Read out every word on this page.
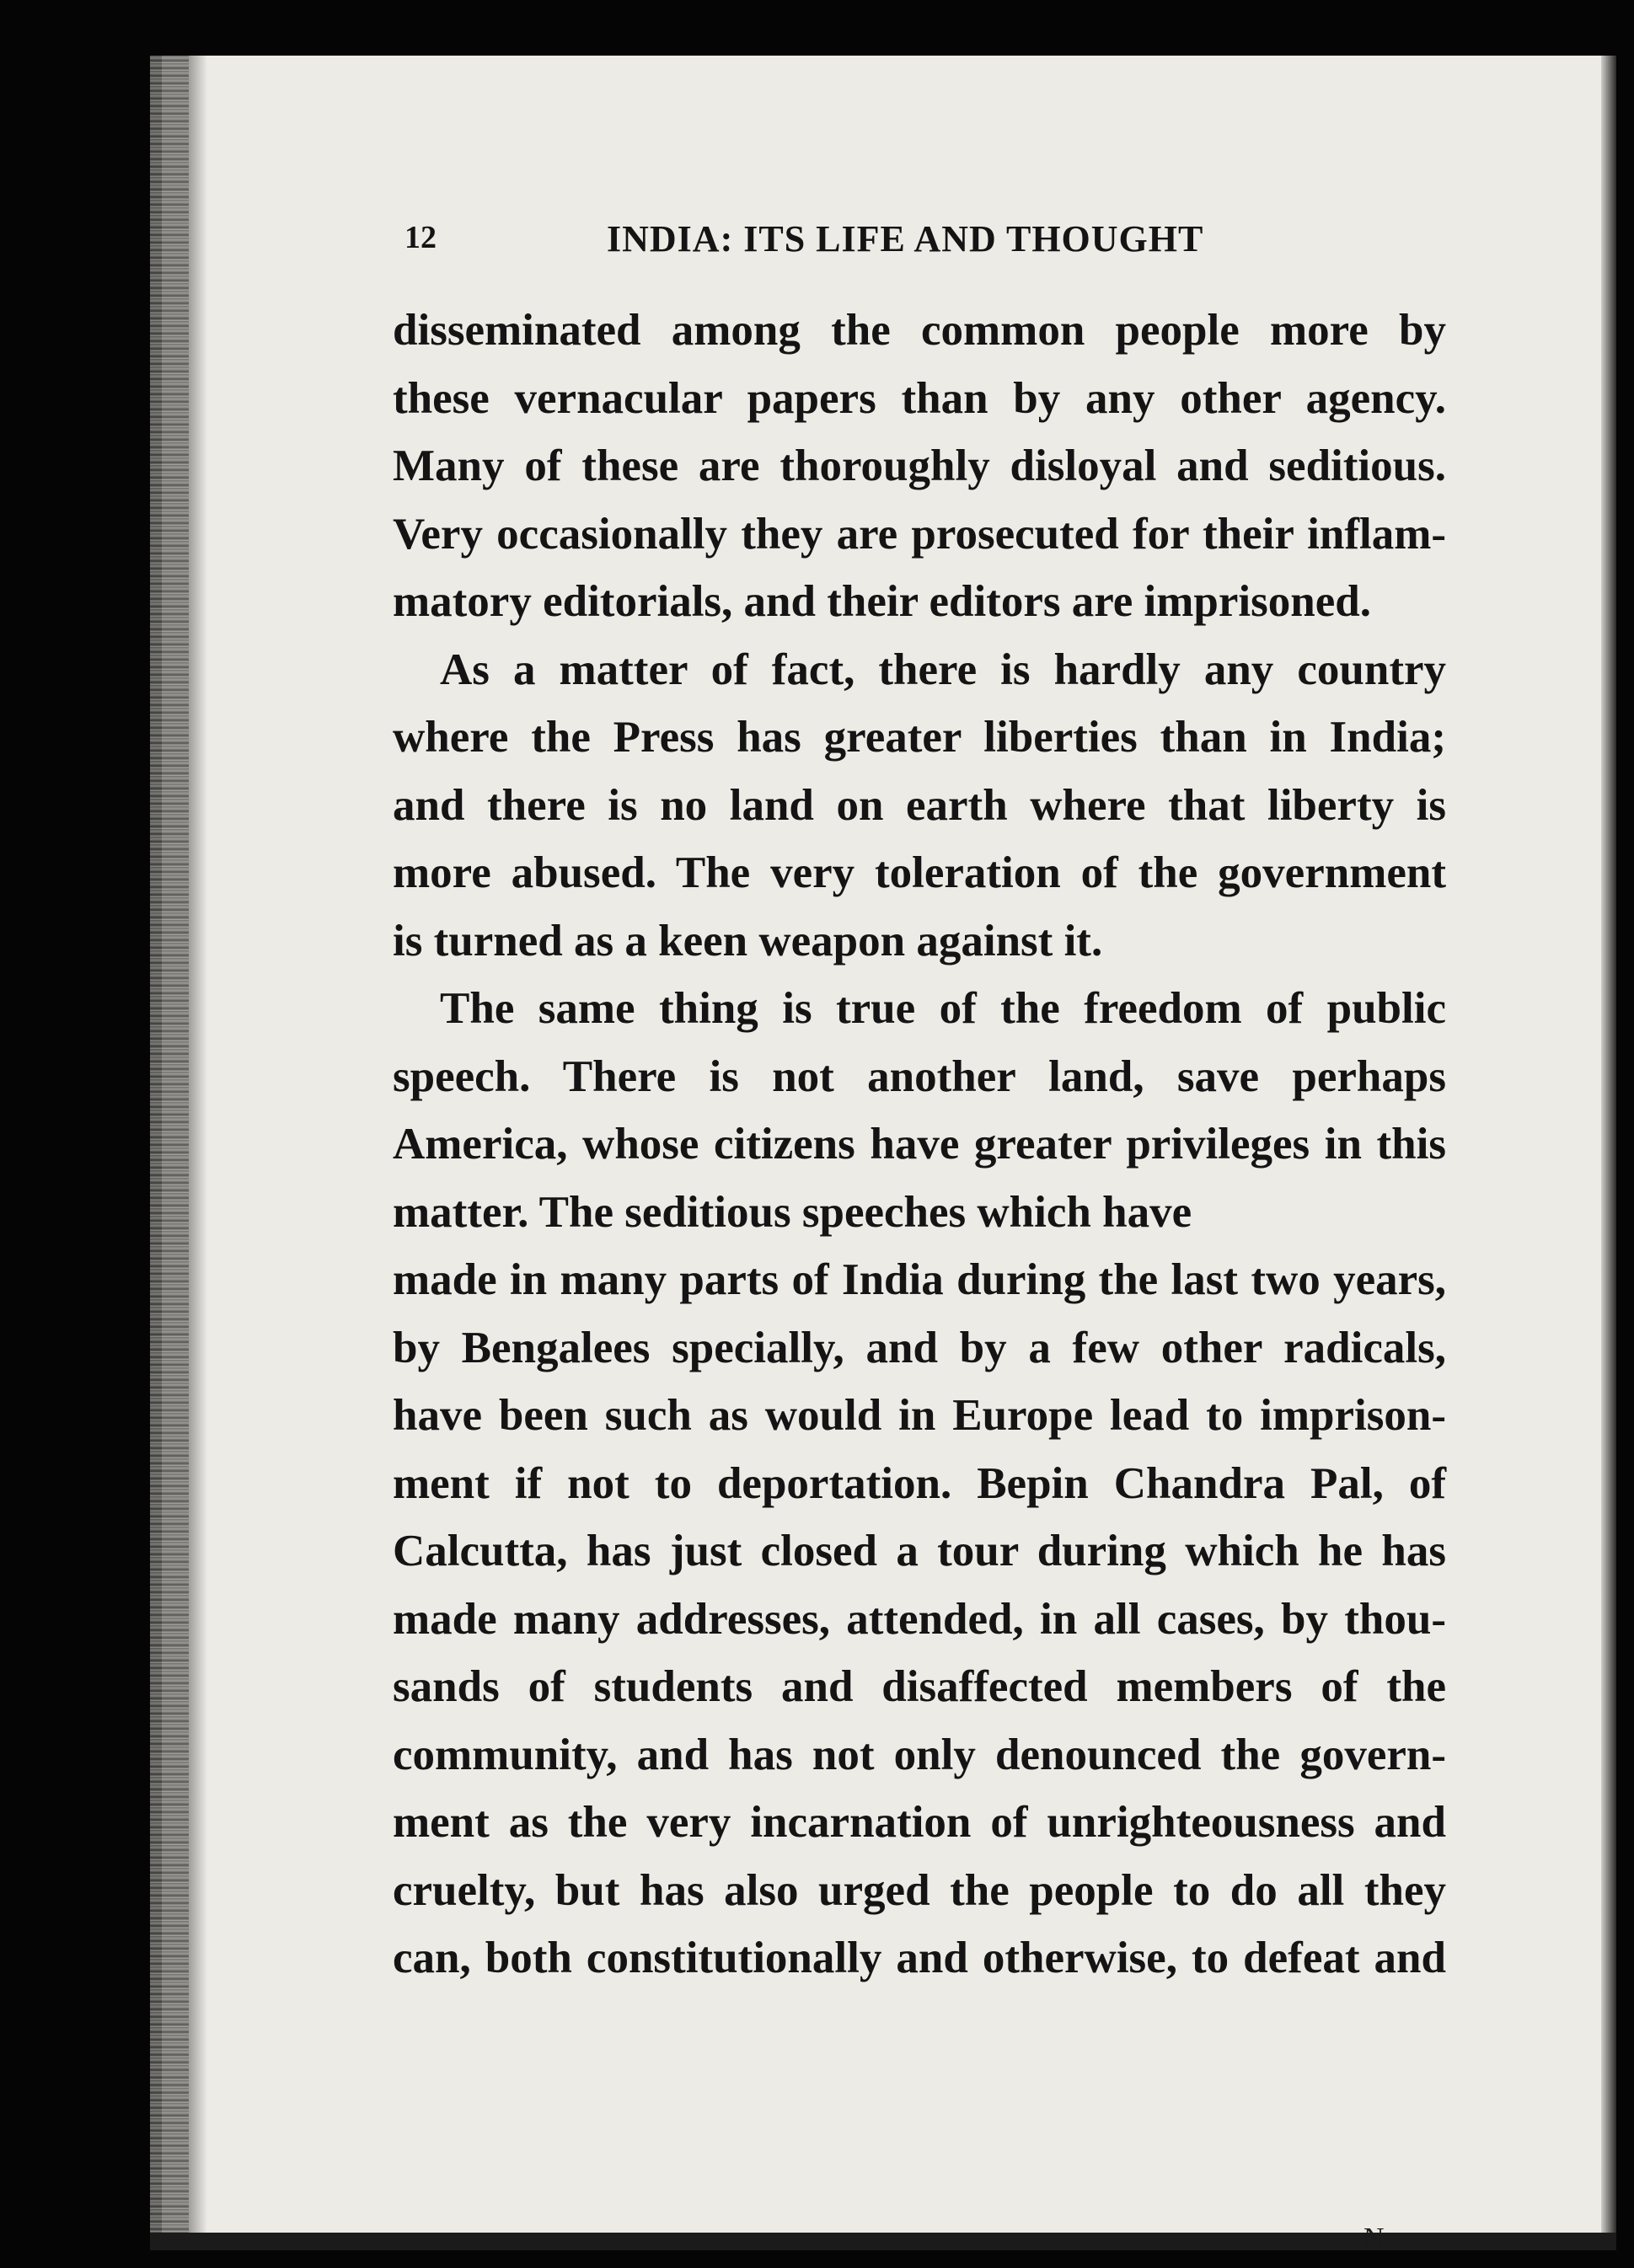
12	INDIA: ITS LIFE AND THOUGHT
disseminated among the common people more by
these vernacular papers than by any other agency.
Many of these are thoroughly disloyal and seditious.
Very occasionally they are prosecuted for their inflam-
matory editorials, and their editors are imprisoned.
As a matter of fact, there is hardly any country
where the Press has greater liberties than in India;
and there is no land on earth where that liberty is
more abused. The very toleration of the government
is turned as a keen weapon against it.
The same thing is true of the freedom of public
speech. There is not another land, save perhaps
America, whose citizens have greater privileges in this
matter. The seditious speeches which have
made in many parts of India during the last two years,
by Bengalees specially, and by a few other radicals,
have been such as would in Europe lead to imprison-
ment if not to deportation. Bepin Chandra Pal, of
Calcutta, has just closed a tour during which he has
made many addresses, attended, in all cases, by thou-
sands of students and disaffected members of the
community, and has not only denounced the govern-
ment as the very incarnation of unrighteousness and
cruelty, but has also urged the people to do all they
can, both constitutionally and otherwise, to defeat and
N
